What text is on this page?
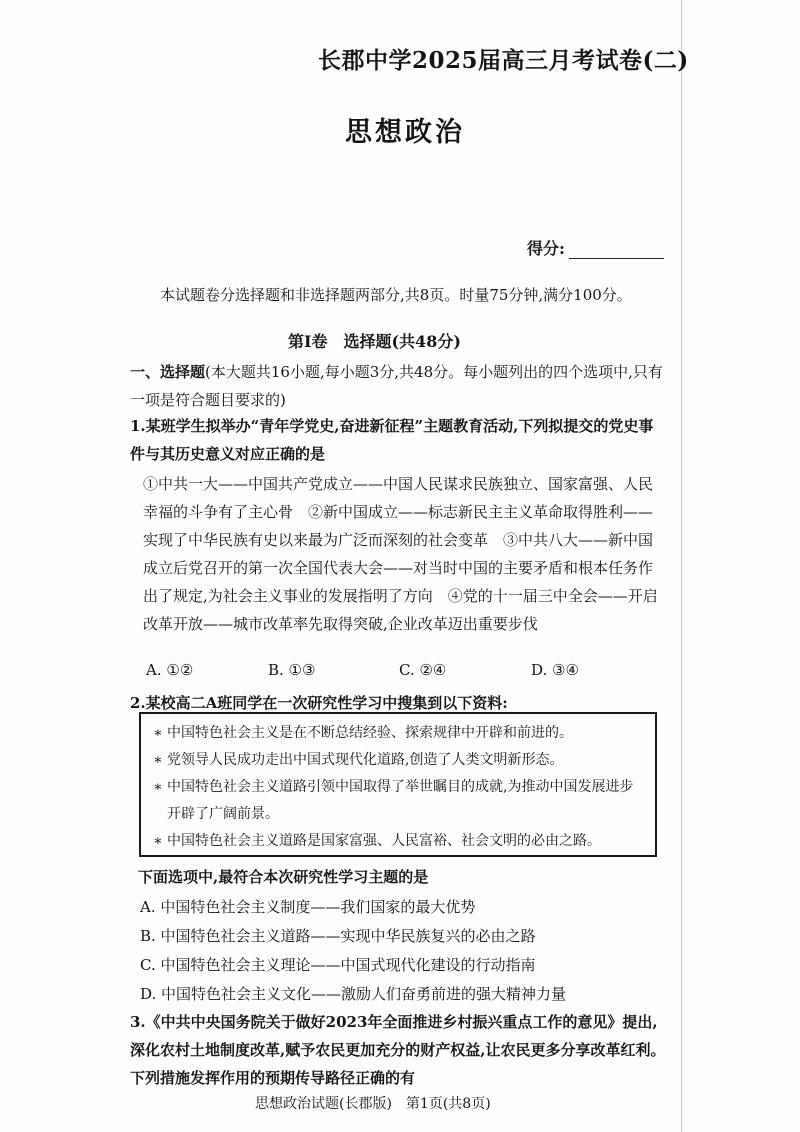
长郡中学2025届高三月考试卷(二)
思想政治
得分:
本试题卷分选择题和非选择题两部分,共8页。时量75分钟,满分100分。
第Ⅰ卷　选择题(共48分)
一、选择题(本大题共16小题,每小题3分,共48分。每小题列出的四个选项中,只有一项是符合题目要求的)
1.某班学生拟举办“青年学党史,奋进新征程”主题教育活动,下列拟提交的党史事件与其历史意义对应正确的是
①中共一大——中国共产党成立——中国人民谋求民族独立、国家富强、人民幸福的斗争有了主心骨　②新中国成立——标志新民主主义革命取得胜利——实现了中华民族有史以来最为广泛而深刻的社会变革　③中共八大——新中国成立后党召开的第一次全国代表大会——对当时中国的主要矛盾和根本任务作出了规定,为社会主义事业的发展指明了方向　④党的十一届三中全会——开启改革开放——城市改革率先取得突破,企业改革迈出重要步伐
A. ①②	B. ①③	C. ②④	D. ③④
2.某校高二A班同学在一次研究性学习中搜集到以下资料:
∗ 中国特色社会主义是在不断总结经验、探索规律中开辟和前进的。
∗ 党领导人民成功走出中国式现代化道路,创造了人类文明新形态。
∗ 中国特色社会主义道路引领中国取得了举世瞩目的成就,为推动中国发展进步开辟了广阔前景。
∗ 中国特色社会主义道路是国家富强、人民富裕、社会文明的必由之路。
下面选项中,最符合本次研究性学习主题的是
A. 中国特色社会主义制度——我们国家的最大优势
B. 中国特色社会主义道路——实现中华民族复兴的必由之路
C. 中国特色社会主义理论——中国式现代化建设的行动指南
D. 中国特色社会主义文化——激励人们奋勇前进的强大精神力量
3.《中共中央国务院关于做好2023年全面推进乡村振兴重点工作的意见》提出,深化农村土地制度改革,赋予农民更加充分的财产权益,让农民更多分享改革红利。下列措施发挥作用的预期传导路径正确的有
思想政治试题(长郡版)　第1页(共8页)
